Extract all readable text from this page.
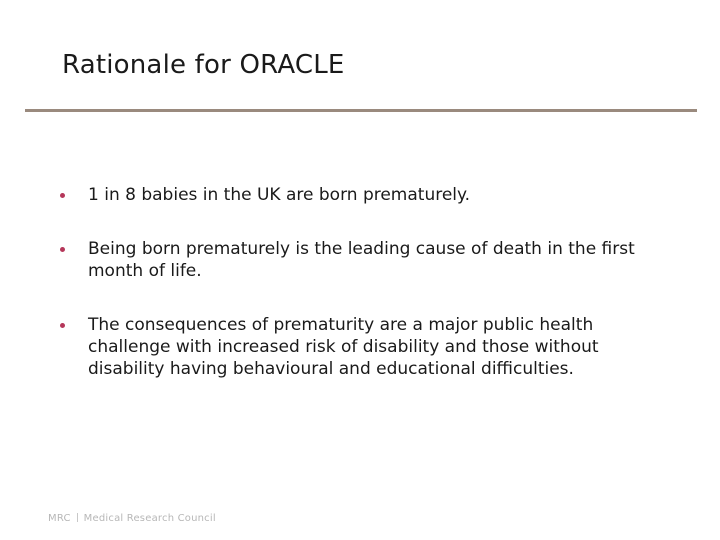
Rationale for ORACLE
1 in 8 babies in the UK are born prematurely.
Being born prematurely is the leading cause of death in the first month of life.
The consequences of prematurity are a major public health challenge with increased risk of disability and those without disability having behavioural and educational difficulties.
MRC Medical Research Council
